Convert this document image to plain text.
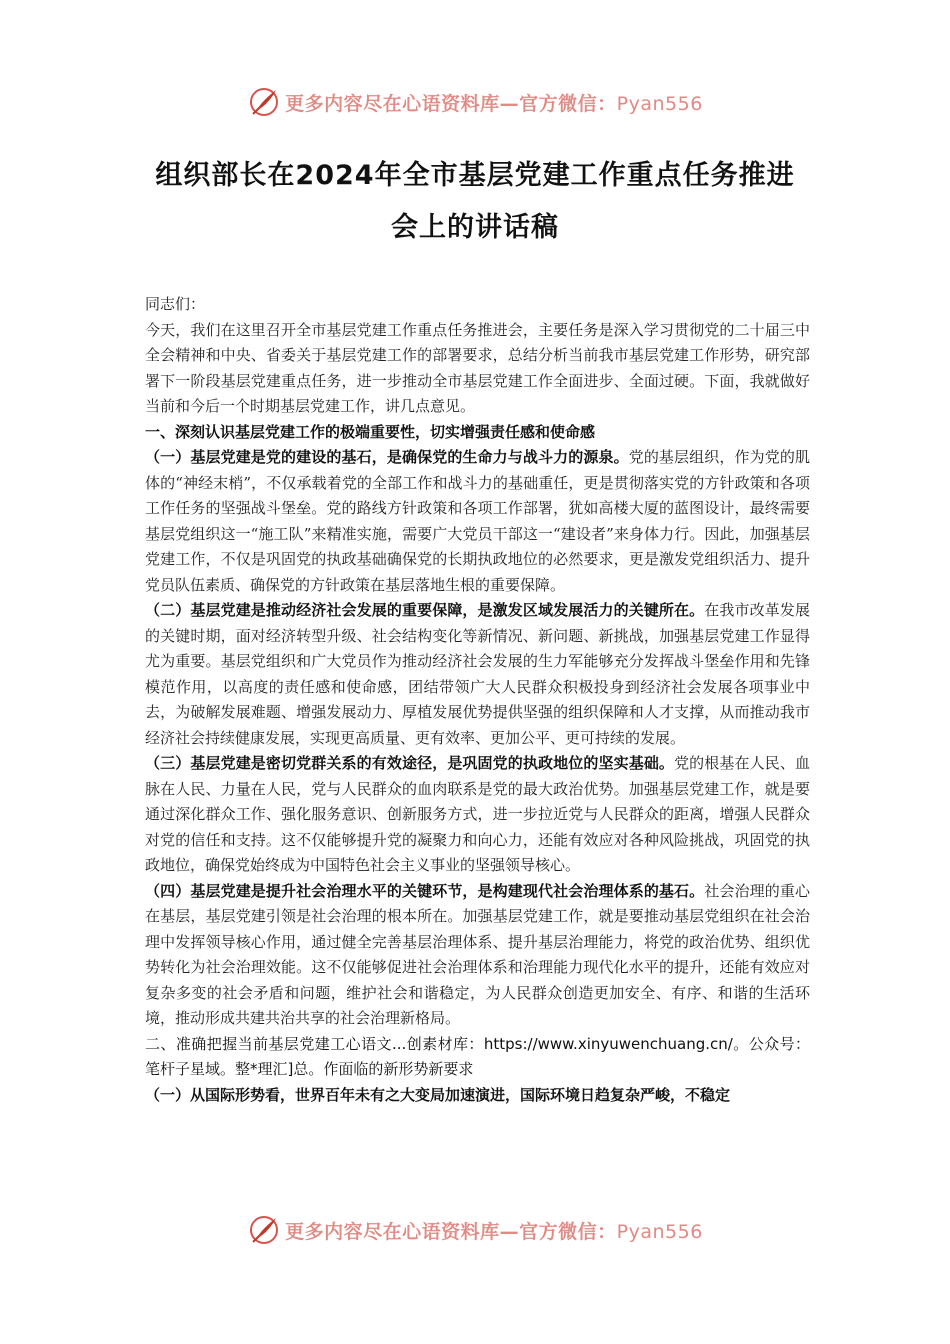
更多内容尽在心语资料库—官方微信：Pyan556
组织部长在2024年全市基层党建工作重点任务推进
会上的讲话稿

同志们：

今天，我们在这里召开全市基层党建工作重点任务推进会，主要任务是深入学习贯彻党的二十届三中全会精神和中央、省委关于基层党建工作的部署要求，总结分析当前我市基层党建工作形势，研究部署下一阶段基层党建重点任务，进一步推动全市基层党建工作全面进步、全面过硬。下面，我就做好当前和今后一个时期基层党建工作，讲几点意见。

一、深刻认识基层党建工作的极端重要性，切实增强责任感和使命感

（一）基层党建是党的建设的基石，是确保党的生命力与战斗力的源泉。党的基层组织，作为党的肌体的“神经末梢”，不仅承载着党的全部工作和战斗力的基础重任，更是贯彻落实党的方针政策和各项工作任务的坚强战斗堡垒。党的路线方针政策和各项工作部署，犹如高楼大厦的蓝图设计，最终需要基层党组织这一“施工队”来精准实施，需要广大党员干部这一“建设者”来身体力行。因此，加强基层党建工作，不仅是巩固党的执政基础确保党的长期执政地位的必然要求，更是激发党组织活力、提升党员队伍素质、确保党的方针政策在基层落地生根的重要保障。

（二）基层党建是推动经济社会发展的重要保障，是激发区域发展活力的关键所在。在我市改革发展的关键时期，面对经济转型升级、社会结构变化等新情况、新问题、新挑战，加强基层党建工作显得尤为重要。基层党组织和广大党员作为推动经济社会发展的生力军能够充分发挥战斗堡垒作用和先锋模范作用，以高度的责任感和使命感，团结带领广大人民群众积极投身到经济社会发展各项事业中去，为破解发展难题、增强发展动力、厚植发展优势提供坚强的组织保障和人才支撑，从而推动我市经济社会持续健康发展，实现更高质量、更有效率、更加公平、更可持续的发展。

（三）基层党建是密切党群关系的有效途径，是巩固党的执政地位的坚实基础。党的根基在人民、血脉在人民、力量在人民，党与人民群众的血肉联系是党的最大政治优势。加强基层党建工作，就是要通过深化群众工作、强化服务意识、创新服务方式，进一步拉近党与人民群众的距离，增强人民群众对党的信任和支持。这不仅能够提升党的凝聚力和向心力，还能有效应对各种风险挑战，巩固党的执政地位，确保党始终成为中国特色社会主义事业的坚强领导核心。

（四）基层党建是提升社会治理水平的关键环节，是构建现代社会治理体系的基石。社会治理的重心在基层，基层党建引领是社会治理的根本所在。加强基层党建工作，就是要推动基层党组织在社会治理中发挥领导核心作用，通过健全完善基层治理体系、提升基层治理能力，将党的政治优势、组织优势转化为社会治理效能。这不仅能够促进社会治理体系和治理能力现代化水平的提升，还能有效应对复杂多变的社会矛盾和问题，维护社会和谐稳定，为人民群众创造更加安全、有序、和谐的生活环境，推动形成共建共治共享的社会治理新格局。

二、准确把握当前基层党建工心语文...创素材库：https://www.xinyuwenchuang.cn/。公众号：笔杆子星域。整*理汇]总。作面临的新形势新要求

（一）从国际形势看，世界百年未有之大变局加速演进，国际环境日趋复杂严峻，不稳定

更多内容尽在心语资料库—官方微信：Pyan556
